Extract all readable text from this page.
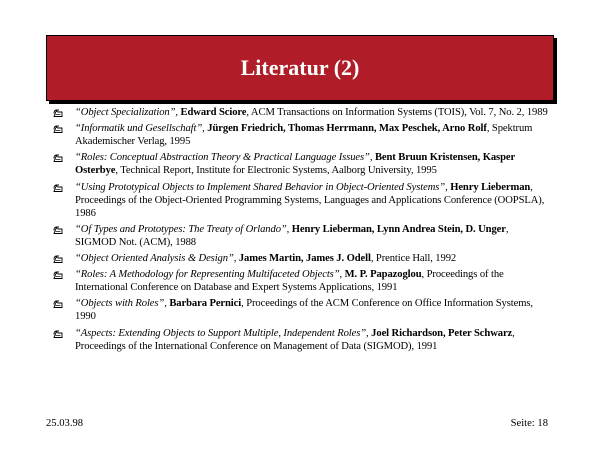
Literatur (2)
“Object Specialization”, Edward Sciore, ACM Transactions on Information Systems (TOIS), Vol. 7, No. 2, 1989
“Informatik und Gesellschaft”, Jürgen Friedrich, Thomas Herrmann, Max Peschek, Arno Rolf, Spektrum Akademischer Verlag, 1995
“Roles: Conceptual Abstraction Theory & Practical Language Issues”, Bent Bruun Kristensen, Kasper Osterbye, Technical Report, Institute for Electronic Systems, Aalborg University, 1995
“Using Prototypical Objects to Implement Shared Behavior in Object-Oriented Systems”, Henry Lieberman, Proceedings of the Object-Oriented Programming Systems, Languages and Applications Conference (OOPSLA), 1986
“Of Types and Prototypes: The Treaty of Orlando”, Henry Lieberman, Lynn Andrea Stein, D. Unger, SIGMOD Not. (ACM), 1988
“Object Oriented Analysis & Design”, James Martin, James J. Odell, Prentice Hall, 1992
“Roles: A Methodology for Representing Multifaceted Objects”, M. P. Papazoglou, Proceedings of the International Conference on Database and Expert Systems Applications, 1991
“Objects with Roles”, Barbara Pernici, Proceedings of the ACM Conference on Office Information Systems, 1990
“Aspects: Extending Objects to Support Multiple, Independent Roles”, Joel Richardson, Peter Schwarz, Proceedings of the International Conference on Management of Data (SIGMOD), 1991
25.03.98	Seite: 18
